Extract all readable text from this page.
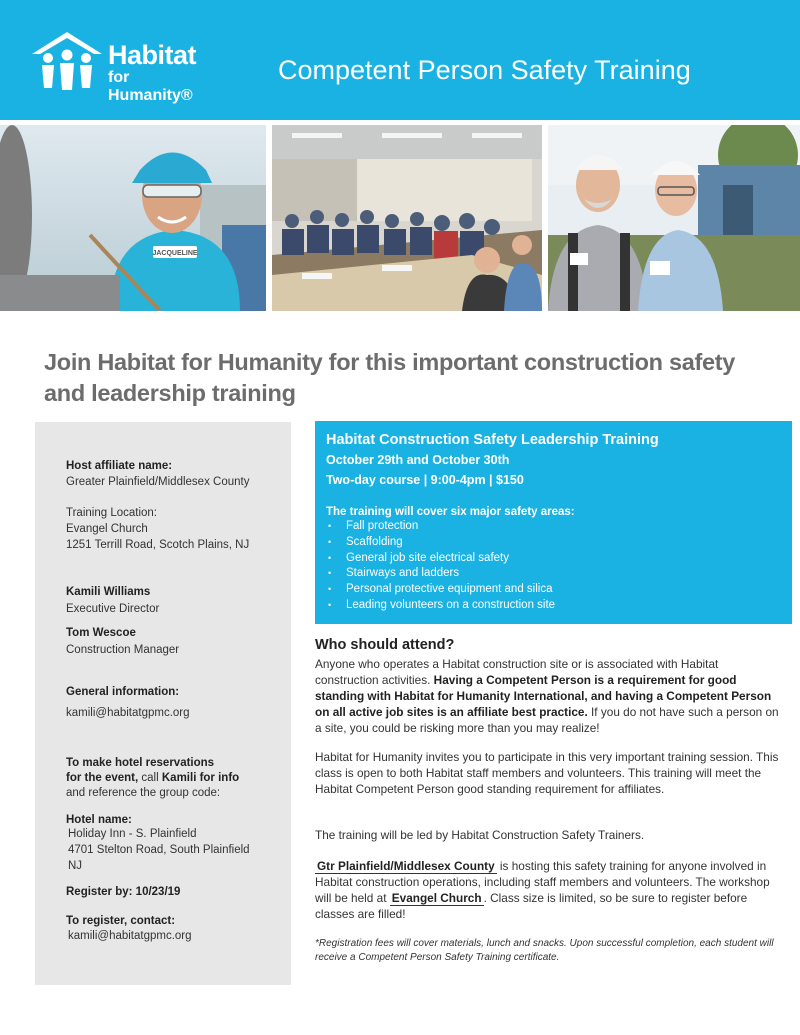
Habitat
for Humanity®
Competent Person Safety Training
JACQUELINE
Join Habitat for Humanity for this important construction safety and leadership training
Host affiliate name:
Greater Plainfield/Middlesex County
Training Location:
Evangel Church
1251 Terrill Road, Scotch Plains, NJ
Kamili Williams
Executive Director
Tom Wescoe
Construction Manager
General information:
kamili@habitatgpmc.org
To make hotel reservations
for the event, call Kamili for info
and reference the group code:
Hotel name:
Holiday Inn - S. Plainfield
4701 Stelton Road, South Plainfield
NJ
Register by: 10/23/19
To register, contact:
kamili@habitatgpmc.org
Habitat Construction Safety Leadership Training
October 29th and October 30th
Two-day course | 9:00-4pm | $150
The training will cover six major safety areas:
• Fall protection
• Scaffolding
• General job site electrical safety
• Stairways and ladders
• Personal protective equipment and silica
• Leading volunteers on a construction site
Who should attend?
Anyone who operates a Habitat construction site or is associated with Habitat construction activities. Having a Competent Person is a requirement for good standing with Habitat for Humanity International, and having a Competent Person on all active job sites is an affiliate best practice. If you do not have such a person on a site, you could be risking more than you may realize!
Habitat for Humanity invites you to participate in this very important training session. This class is open to both Habitat staff members and volunteers. This training will meet the Habitat Competent Person good standing requirement for affiliates.
The training will be led by Habitat Construction Safety Trainers.
Gtr Plainfield/Middlesex County is hosting this safety training for anyone involved in Habitat construction operations, including staff members and volunteers. The workshop will be held at Evangel Church . Class size is limited, so be sure to register before classes are filled!
*Registration fees will cover materials, lunch and snacks. Upon successful completion, each student will receive a Competent Person Safety Training certificate.
